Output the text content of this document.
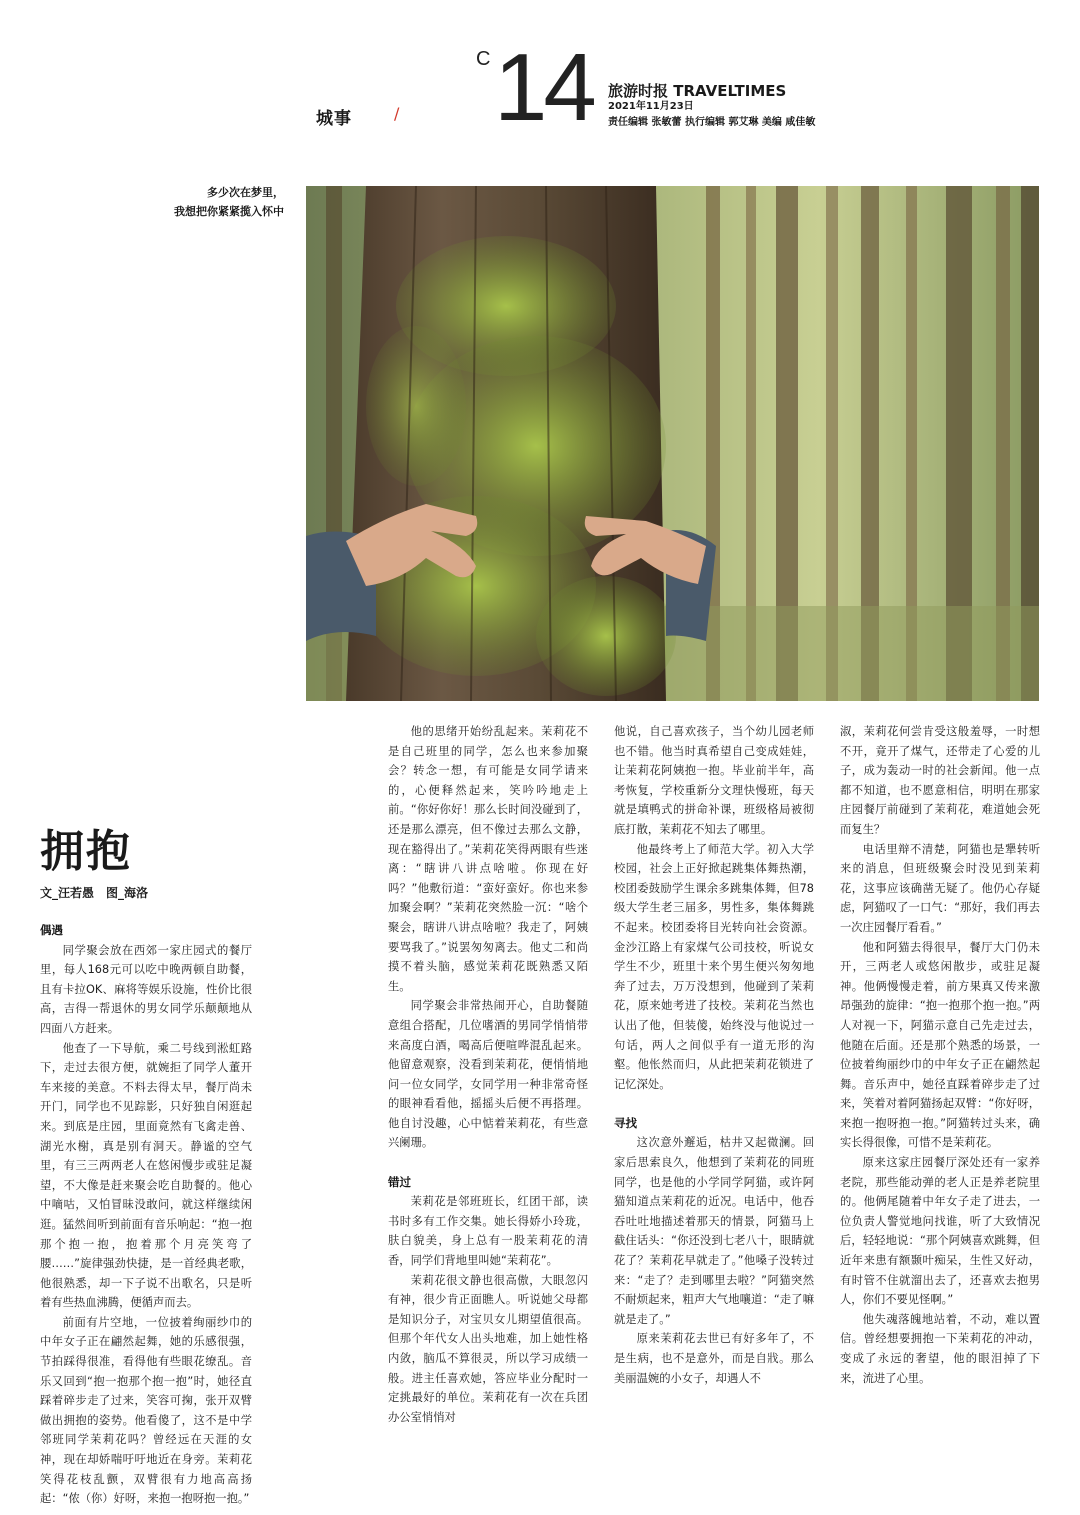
城事	/
C 14 旅游时报 TRAVELTIMES
2021年11月23日
责任编辑 张敏蕾 执行编辑 郭艾琳 美编 咸佳敏
多少次在梦里，
我想把你紧紧揽入怀中
拥抱
文_汪若愚　图_海洛
偶遇

同学聚会放在西郊一家庄园式的餐厅里，每人168元可以吃中晚两顿自助餐，且有卡拉OK、麻将等娱乐设施，性价比很高，吉得一帮退休的男女同学乐颠颠地从四面八方赶来。

他查了一下导航，乘二号线到淞虹路下，走过去很方便，就婉拒了同学人董开车来接的美意。不料去得太早，餐厅尚未开门，同学也不见踪影，只好独自闲逛起来。到底是庄园，里面竟然有飞禽走兽、湖光水榭，真是别有洞天。静谧的空气里，有三三两两老人在悠闲慢步或驻足凝望，不大像是赶来聚会吃自助餐的。他心中嘀咕，又怕冒昧没敢问，就这样继续闲逛。猛然间听到前面有音乐响起：“抱一抱那个抱一抱，抱着那个月亮笑弯了腰……”旋律强劲快捷，是一首经典老歌，他很熟悉，却一下子说不出歌名，只是听着有些热血沸腾，便循声而去。

前面有片空地，一位披着绚丽纱巾的中年女子正在翩然起舞，她的乐感很强，节拍踩得很准，看得他有些眼花缭乱。音乐又回到“抱一抱那个抱一抱”时，她径直踩着碎步走了过来，笑容可掬，张开双臂做出拥抱的姿势。他看傻了，这不是中学邻班同学茉莉花吗？曾经远在天涯的女神，现在却娇喘吁吁地近在身旁。茉莉花笑得花枝乱颤，双臂很有力地高高扬起：“侬（你）好呀，来抱一抱呀抱一抱。”

他的思绪开始纷乱起来。茉莉花不是自己班里的同学，怎么也来参加聚会？转念一想，有可能是女同学请来的，心便释然起来，笑吟吟地走上前。“你好你好！那么长时间没碰到了，还是那么漂亮，但不像过去那么文静，现在豁得出了。”茉莉花笑得两眼有些迷离：“瞎讲八讲点啥啦。你现在好吗？”他敷衍道：“蛮好蛮好。你也来参加聚会啊？”茉莉花突然脸一沉：“啥个聚会，瞎讲八讲点啥啦？我走了，阿姨要骂我了。”说罢匆匆离去。他丈二和尚摸不着头脑，感觉茉莉花既熟悉又陌生。

同学聚会非常热闹开心，自助餐随意组合搭配，几位嗜酒的男同学悄悄带来高度白酒，喝高后便喧哗混乱起来。他留意观察，没看到茉莉花，便悄悄地问一位女同学，女同学用一种非常奇怪的眼神看看他，摇摇头后便不再搭理。他自讨没趣，心中惦着茉莉花，有些意兴阑珊。

错过

茉莉花是邻班班长，红团干部，读书时多有工作交集。她长得娇小玲珑，肤白貌美，身上总有一股茉莉花的清香，同学们背地里叫她“茉莉花”。

茉莉花很文静也很高傲，大眼忽闪有神，很少肯正面瞧人。听说她父母都是知识分子，对宝贝女儿期望值很高。但那个年代女人出头地难，加上她性格内敛，脑瓜不算很灵，所以学习成绩一般。进主任喜欢她，答应毕业分配时一定挑最好的单位。茉莉花有一次在兵团办公室悄悄对

他说，自己喜欢孩子，当个幼儿园老师也不错。他当时真希望自己变成娃娃，让茉莉花阿姨抱一抱。毕业前半年，高考恢复，学校重新分文理快慢班，每天就是填鸭式的拼命补课，班级格局被彻底打散，茉莉花不知去了哪里。

他最终考上了师范大学。初入大学校园，社会上正好掀起跳集体舞热潮，校团委鼓励学生课余多跳集体舞，但78级大学生老三届多，男性多，集体舞跳不起来。校团委将目光转向社会资源。金沙江路上有家煤气公司技校，听说女学生不少，班里十来个男生便兴匆匆地奔了过去，万万没想到，他碰到了茉莉花，原来她考进了技校。茉莉花当然也认出了他，但装傻，始终没与他说过一句话，两人之间似乎有一道无形的沟壑。他怅然而归，从此把茉莉花锁进了记忆深处。

寻找

这次意外邂逅，枯井又起微澜。回家后思索良久，他想到了茉莉花的同班同学，也是他的小学同学阿猫，或许阿猫知道点茉莉花的近况。电话中，他吞吞吐吐地描述着那天的情景，阿猫马上截住话头：“你还没到七老八十，眼睛就花了？茉莉花早就走了。”他嗓子没转过来：“走了？走到哪里去啦？”阿猫突然不耐烦起来，粗声大气地嚷道：“走了嘛就是走了。”

原来茉莉花去世已有好多年了，不是生病，也不是意外，而是自戕。那么美丽温婉的小女子，却遇人不

淑，茉莉花何尝肯受这般羞辱，一时想不开，竟开了煤气，还带走了心爱的儿子，成为轰动一时的社会新闻。他一点都不知道，也不愿意相信，明明在那家庄园餐厅前碰到了茉莉花，难道她会死而复生？

电话里辩不清楚，阿猫也是犟转听来的消息，但班级聚会时没见到茉莉花，这事应该确凿无疑了。他仍心存疑虑，阿猫叹了一口气：“那好，我们再去一次庄园餐厅看看。”

他和阿猫去得很早，餐厅大门仍未开，三两老人或悠闲散步，或驻足凝神。他俩慢慢走着，前方果真又传来激昂强劲的旋律：“抱一抱那个抱一抱。”两人对视一下，阿猫示意自己先走过去，他随在后面。还是那个熟悉的场景，一位披着绚丽纱巾的中年女子正在翩然起舞。音乐声中，她径直踩着碎步走了过来，笑着对着阿猫扬起双臂：“你好呀，来抱一抱呀抱一抱。”阿猫转过头来，确实长得很像，可惜不是茉莉花。

原来这家庄园餐厅深处还有一家养老院，那些能动弹的老人正是养老院里的。他俩尾随着中年女子走了进去，一位负责人警觉地问找谁，听了大致情况后，轻轻地说：“那个阿姨喜欢跳舞，但近年来患有额颞叶痴呆，生性又好动，有时管不住就溜出去了，还喜欢去抱男人，你们不要见怪啊。”

他失魂落魄地站着，不动，难以置信。曾经想要拥抱一下茉莉花的冲动，变成了永远的奢望，他的眼泪掉了下来，流进了心里。
